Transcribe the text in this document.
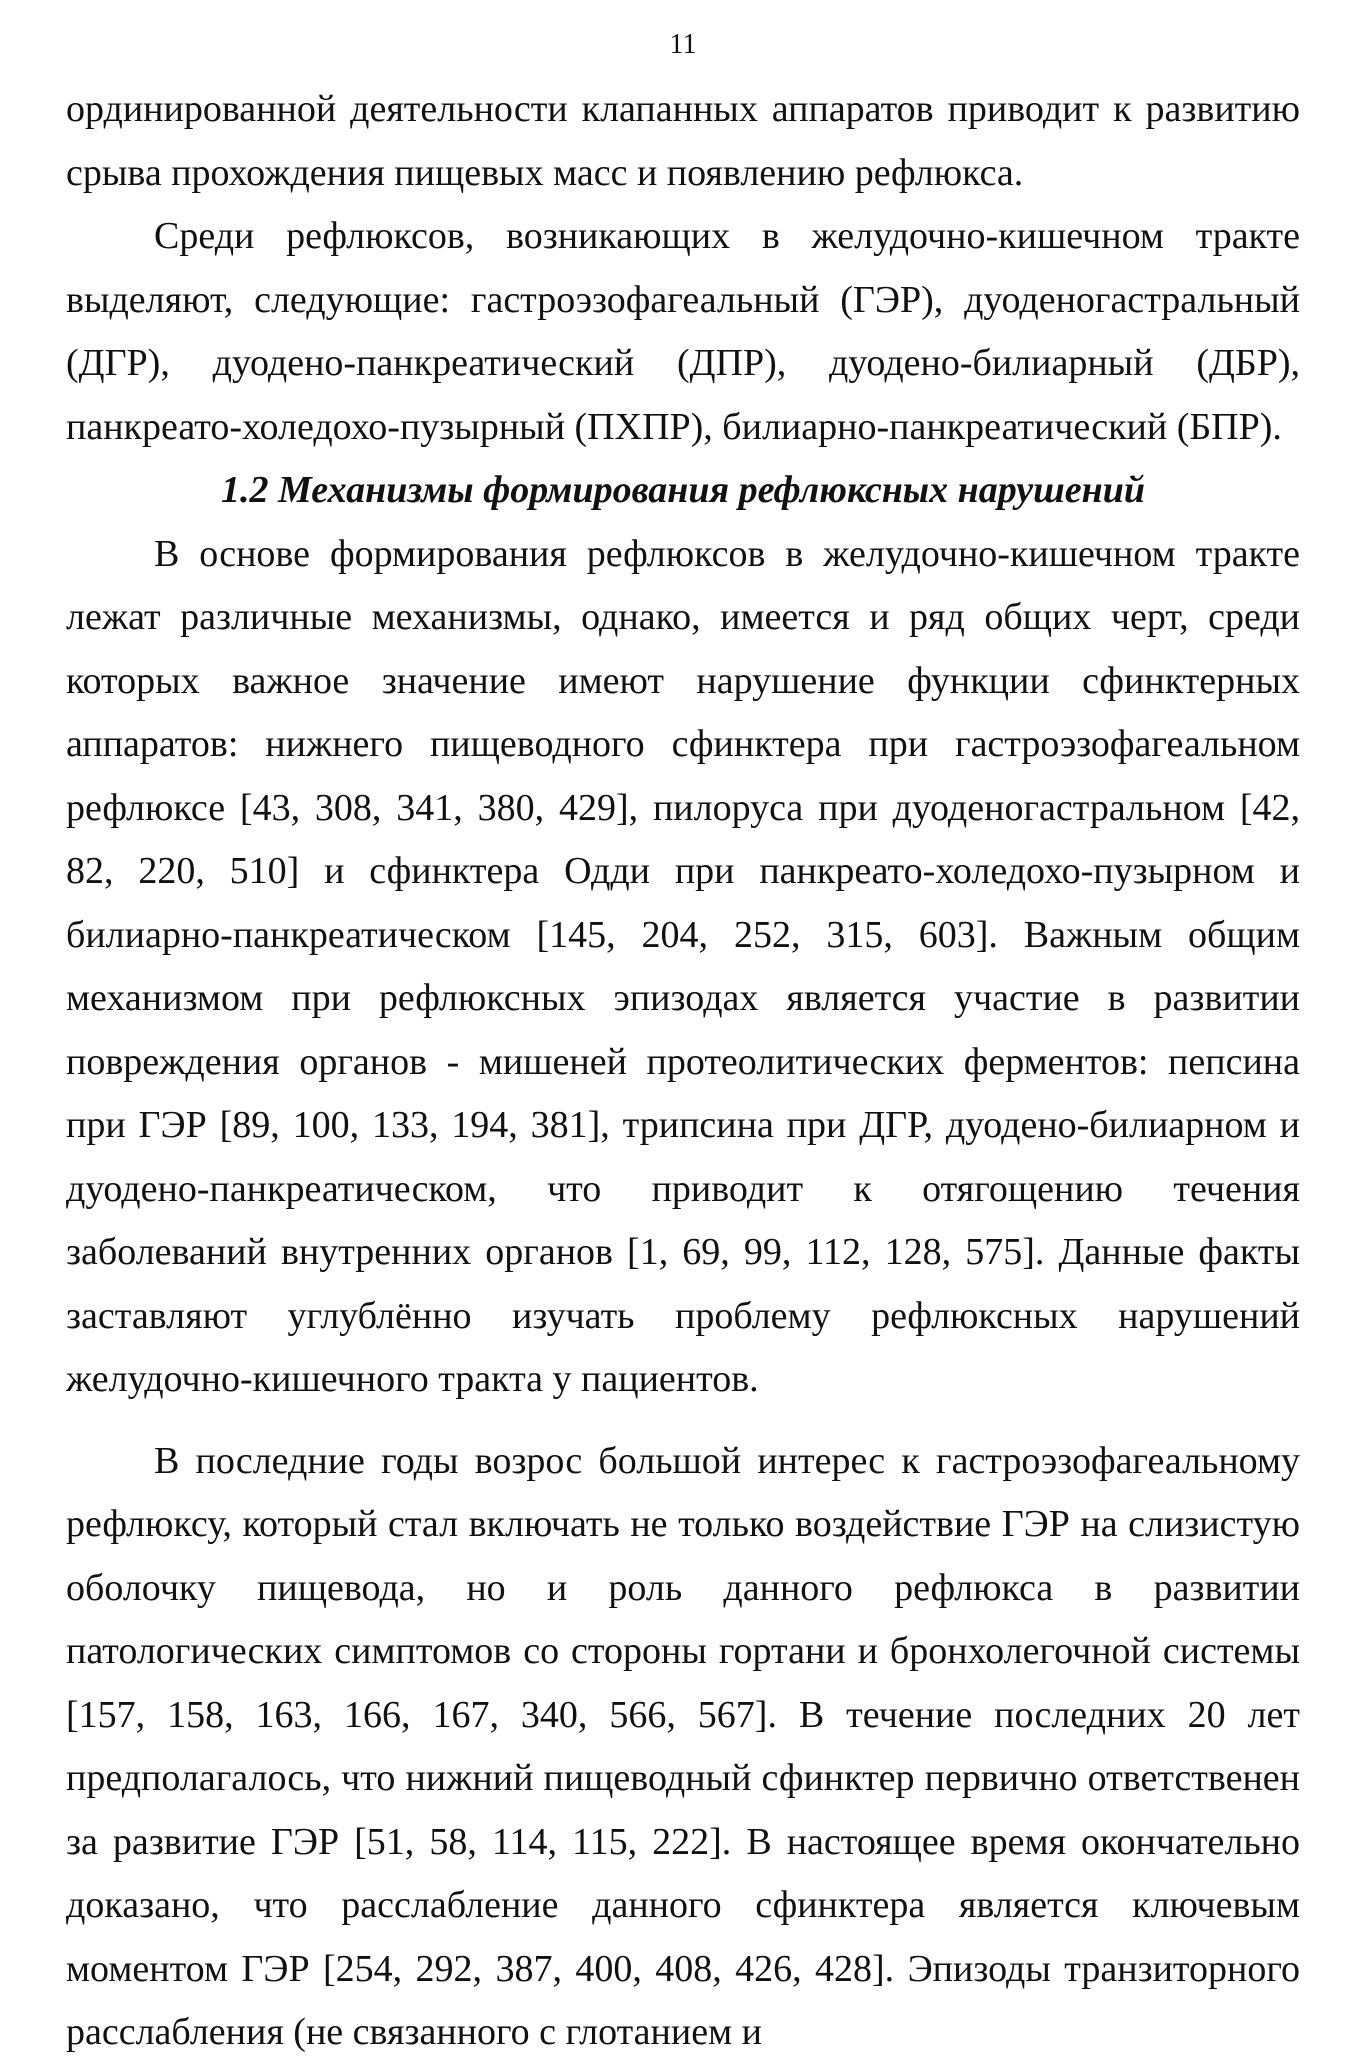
11

ординированной деятельности клапанных аппаратов приводит к развитию срыва прохождения пищевых масс и появлению рефлюкса.

Среди рефлюксов, возникающих в желудочно-кишечном тракте выделяют, следующие: гастроэзофагеальный (ГЭР), дуоденогастральный (ДГР), дуодено-панкреатический (ДПР), дуодено-билиарный (ДБР), панкреато-холедохо-пузырный (ПХПР), билиарно-панкреатический (БПР).

1.2 Механизмы формирования рефлюксных нарушений

В основе формирования рефлюксов в желудочно-кишечном тракте лежат различные механизмы, однако, имеется и ряд общих черт, среди которых важное значение имеют нарушение функции сфинктерных аппаратов: нижнего пищеводного сфинктера при гастроэзофагеальном рефлюксе [43, 308, 341, 380, 429], пилоруса при дуоденогастральном [42, 82, 220, 510] и сфинктера Одди при панкреато-холедохо-пузырном и билиарно-панкреатическом [145, 204, 252, 315, 603]. Важным общим механизмом при рефлюксных эпизодах является участие в развитии повреждения органов - мишеней протеолитических ферментов: пепсина при ГЭР [89, 100, 133, 194, 381], трипсина при ДГР, дуодено-билиарном и дуодено-панкреатическом, что приводит к отягощению течения заболеваний внутренних органов [1, 69, 99, 112, 128, 575]. Данные факты заставляют углублённо изучать проблему рефлюксных нарушений желудочно-кишечного тракта у пациентов.

В последние годы возрос большой интерес к гастроэзофагеальному рефлюксу, который стал включать не только воздействие ГЭР на слизистую оболочку пищевода, но и роль данного рефлюкса в развитии патологических симптомов со стороны гортани и бронхолегочной системы [157, 158, 163, 166, 167, 340, 566, 567]. В течение последних 20 лет предполагалось, что нижний пищеводный сфинктер первично ответственен за развитие ГЭР [51, 58, 114, 115, 222]. В настоящее время окончательно доказано, что расслабление данного сфинктера является ключевым моментом ГЭР [254, 292, 387, 400, 408, 426, 428]. Эпизоды транзиторного расслабления (не связанного с глотанием и
